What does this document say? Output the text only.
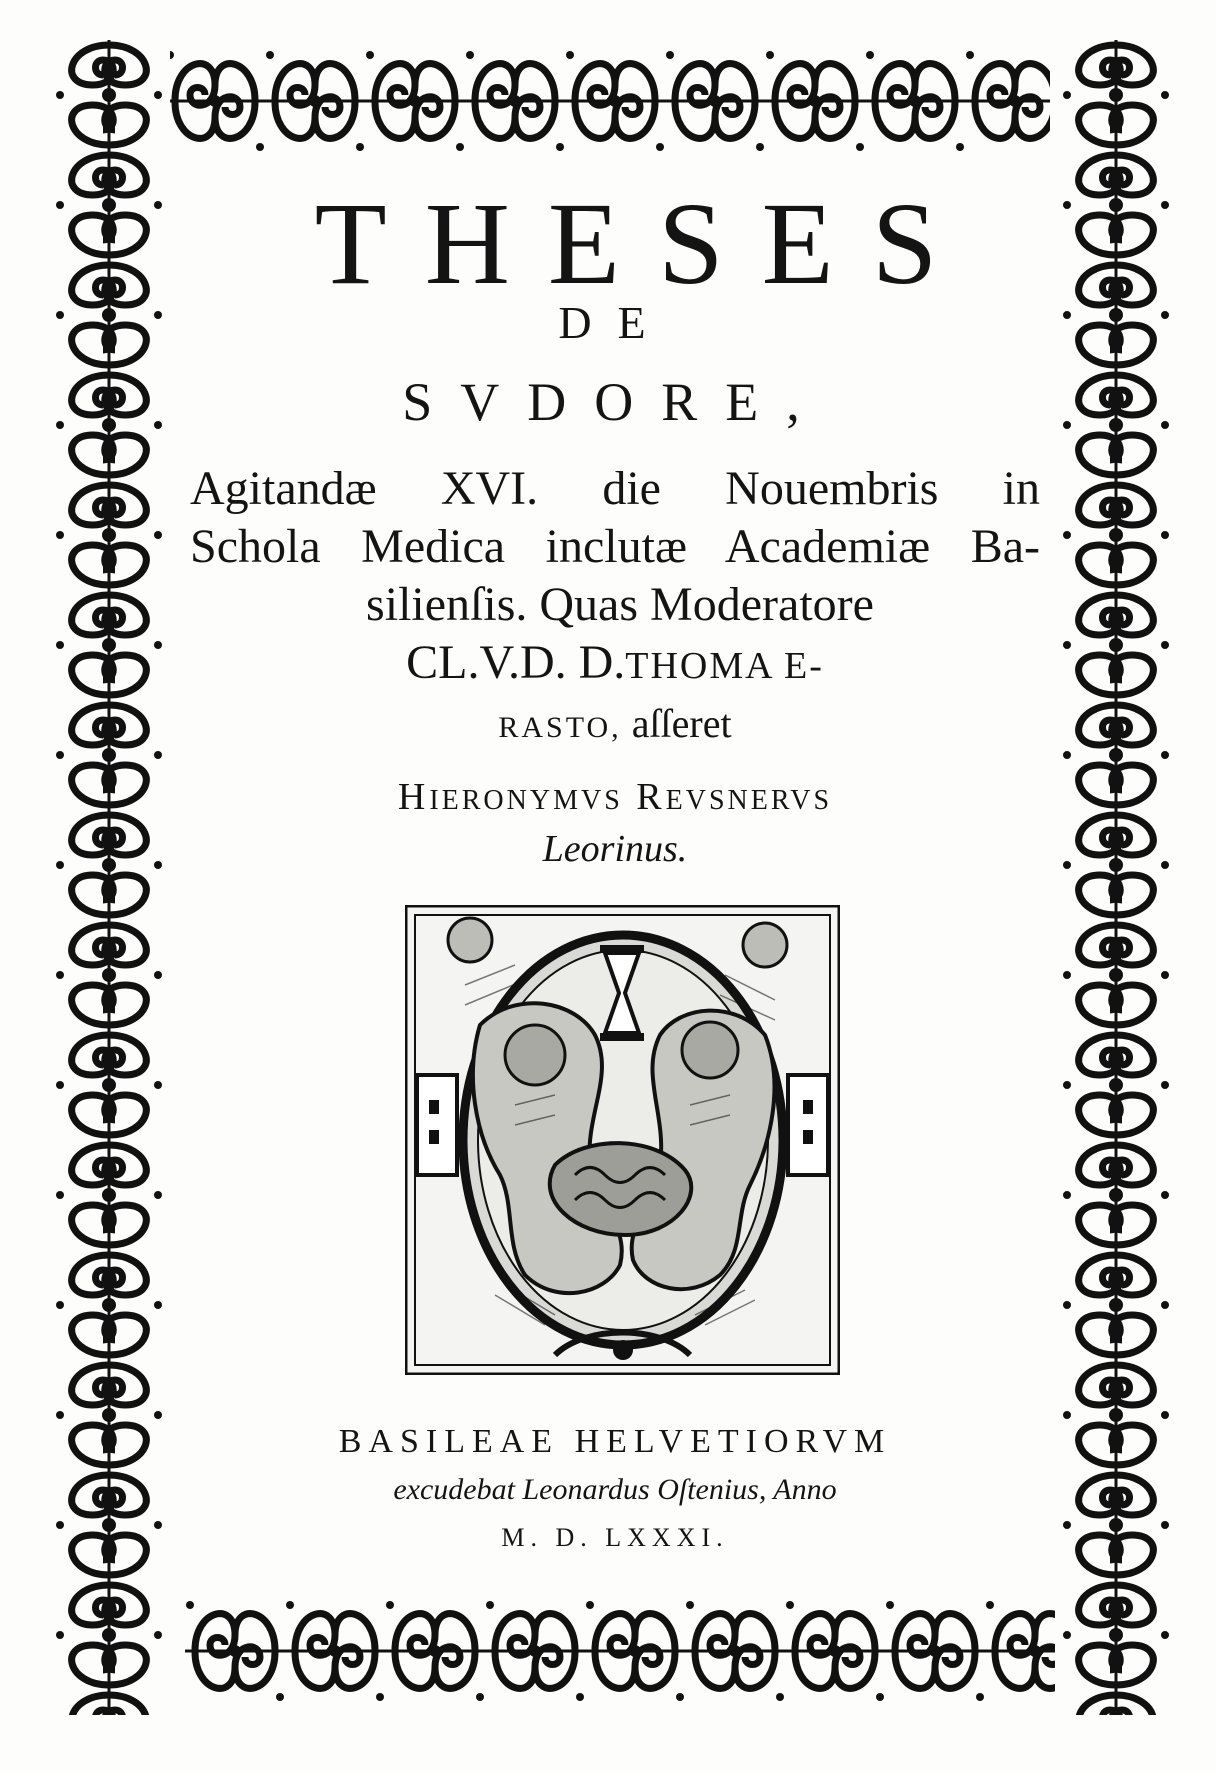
THESES
DE
SVDORE,
Agitandæ XVI. die Nouembris in
Schola Medica inclutæ Academiæ Ba-
silienſis. Quas Moderatore
CL.V.D. D.THOMA E-
RASTO, aſſeret
HIERONYMVS REVSNERVS
Leorinus.
BASILEAE HELVETIORVM
excudebat Leonardus Oſtenius, Anno
M. D. LXXXI.
